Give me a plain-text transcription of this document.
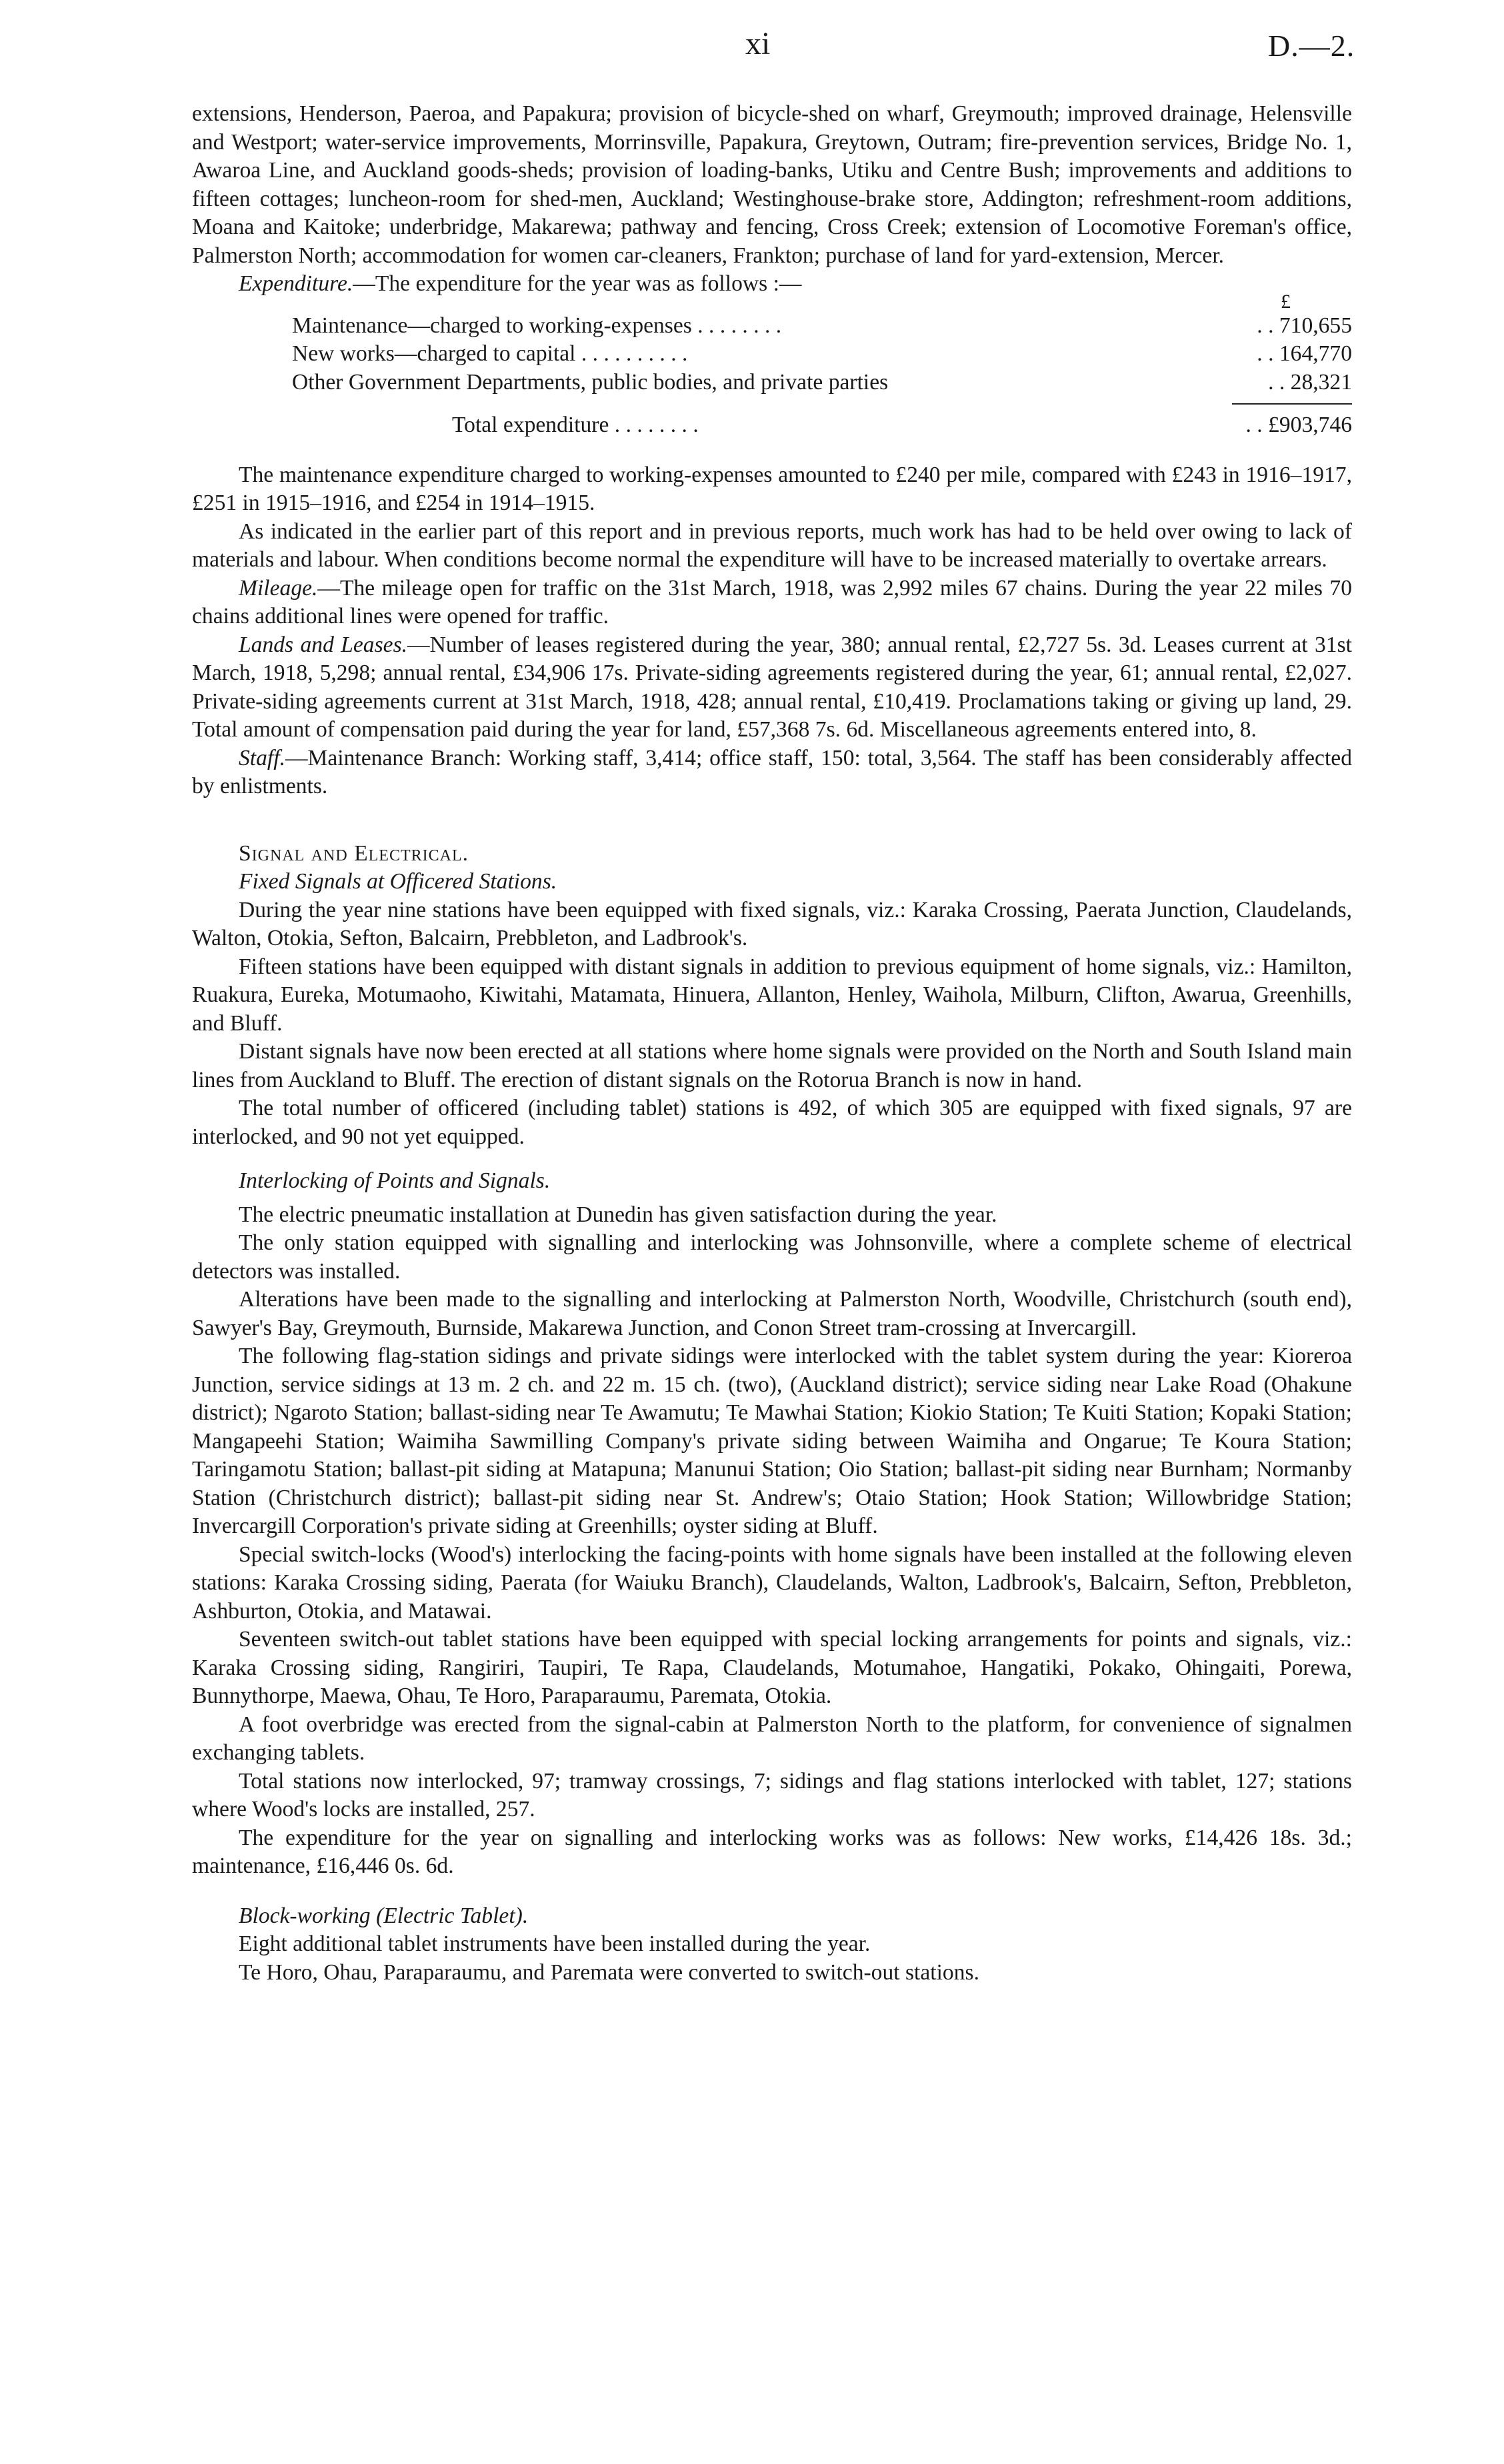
xi	D.—2.

extensions, Henderson, Paeroa, and Papakura; provision of bicycle-shed on wharf, Greymouth; improved drainage, Helensville and Westport; water-service improvements, Morrinsville, Papakura, Greytown, Outram; fire-prevention services, Bridge No. 1, Awaroa Line, and Auckland goods-sheds; provision of loading-banks, Utiku and Centre Bush; improvements and additions to fifteen cottages; luncheon-room for shed-men, Auckland; Westinghouse-brake store, Addington; refreshment-room additions, Moana and Kaitoke; underbridge, Makarewa; pathway and fencing, Cross Creek; extension of Locomotive Foreman's office, Palmerston North; accommodation for women car-cleaners, Frankton; purchase of land for yard-extension, Mercer.

Expenditure.—The expenditure for the year was as follows :—

£
Maintenance—charged to working-expenses . . . . . . . .	. . 710,655
New works—charged to capital . . . . . . . . . .	. . 164,770
Other Government Departments, public bodies, and private parties	. . 28,321
Total expenditure . . . . . . . .	. . £903,746

The maintenance expenditure charged to working-expenses amounted to £240 per mile, compared with £243 in 1916–1917, £251 in 1915–1916, and £254 in 1914–1915.

As indicated in the earlier part of this report and in previous reports, much work has had to be held over owing to lack of materials and labour. When conditions become normal the expenditure will have to be increased materially to overtake arrears.

Mileage.—The mileage open for traffic on the 31st March, 1918, was 2,992 miles 67 chains. During the year 22 miles 70 chains additional lines were opened for traffic.

Lands and Leases.—Number of leases registered during the year, 380; annual rental, £2,727 5s. 3d. Leases current at 31st March, 1918, 5,298; annual rental, £34,906 17s. Private-siding agreements registered during the year, 61; annual rental, £2,027. Private-siding agreements current at 31st March, 1918, 428; annual rental, £10,419. Proclamations taking or giving up land, 29. Total amount of compensation paid during the year for land, £57,368 7s. 6d. Miscellaneous agreements entered into, 8.

Staff.—Maintenance Branch: Working staff, 3,414; office staff, 150: total, 3,564. The staff has been considerably affected by enlistments.

Signal and Electrical.

Fixed Signals at Officered Stations.

During the year nine stations have been equipped with fixed signals, viz.: Karaka Crossing, Paerata Junction, Claudelands, Walton, Otokia, Sefton, Balcairn, Prebbleton, and Ladbrook's.

Fifteen stations have been equipped with distant signals in addition to previous equipment of home signals, viz.: Hamilton, Ruakura, Eureka, Motumaoho, Kiwitahi, Matamata, Hinuera, Allanton, Henley, Waihola, Milburn, Clifton, Awarua, Greenhills, and Bluff.

Distant signals have now been erected at all stations where home signals were provided on the North and South Island main lines from Auckland to Bluff. The erection of distant signals on the Rotorua Branch is now in hand.

The total number of officered (including tablet) stations is 492, of which 305 are equipped with fixed signals, 97 are interlocked, and 90 not yet equipped.

Interlocking of Points and Signals.

The electric pneumatic installation at Dunedin has given satisfaction during the year.

The only station equipped with signalling and interlocking was Johnsonville, where a complete scheme of electrical detectors was installed.

Alterations have been made to the signalling and interlocking at Palmerston North, Woodville, Christchurch (south end), Sawyer's Bay, Greymouth, Burnside, Makarewa Junction, and Conon Street tram-crossing at Invercargill.

The following flag-station sidings and private sidings were interlocked with the tablet system during the year: Kioreroa Junction, service sidings at 13 m. 2 ch. and 22 m. 15 ch. (two), (Auckland district); service siding near Lake Road (Ohakune district); Ngaroto Station; ballast-siding near Te Awamutu; Te Mawhai Station; Kiokio Station; Te Kuiti Station; Kopaki Station; Mangapeehi Station; Waimiha Sawmilling Company's private siding between Waimiha and Ongarue; Te Koura Station; Taringamotu Station; ballast-pit siding at Matapuna; Manunui Station; Oio Station; ballast-pit siding near Burnham; Normanby Station (Christchurch district); ballast-pit siding near St. Andrew's; Otaio Station; Hook Station; Willowbridge Station; Invercargill Corporation's private siding at Greenhills; oyster siding at Bluff.

Special switch-locks (Wood's) interlocking the facing-points with home signals have been installed at the following eleven stations: Karaka Crossing siding, Paerata (for Waiuku Branch), Claudelands, Walton, Ladbrook's, Balcairn, Sefton, Prebbleton, Ashburton, Otokia, and Matawai.

Seventeen switch-out tablet stations have been equipped with special locking arrangements for points and signals, viz.: Karaka Crossing siding, Rangiriri, Taupiri, Te Rapa, Claudelands, Motumahoe, Hangatiki, Pokako, Ohingaiti, Porewa, Bunnythorpe, Maewa, Ohau, Te Horo, Paraparaumu, Paremata, Otokia.

A foot overbridge was erected from the signal-cabin at Palmerston North to the platform, for convenience of signalmen exchanging tablets.

Total stations now interlocked, 97; tramway crossings, 7; sidings and flag stations interlocked with tablet, 127; stations where Wood's locks are installed, 257.

The expenditure for the year on signalling and interlocking works was as follows: New works, £14,426 18s. 3d.; maintenance, £16,446 0s. 6d.

Block-working (Electric Tablet).

Eight additional tablet instruments have been installed during the year.

Te Horo, Ohau, Paraparaumu, and Paremata were converted to switch-out stations.
